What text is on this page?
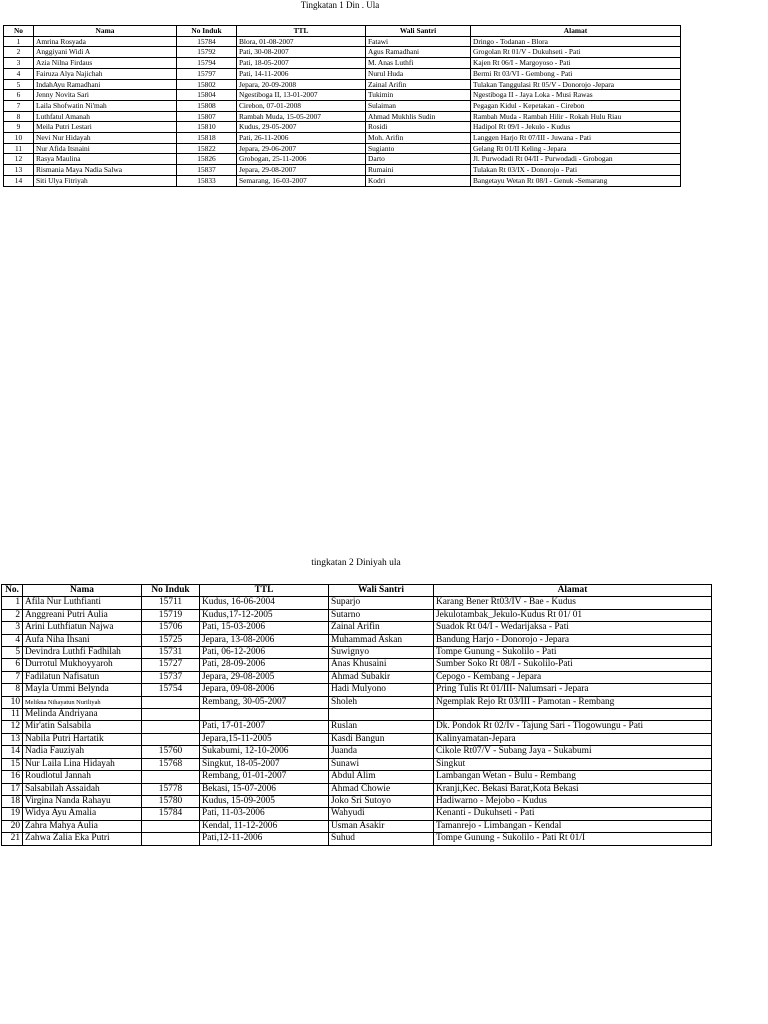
Tingkatan 1 Din . Ula
No	Nama	No Induk	TTL	Wali Santri	Alamat
1	Amrina Rosyada	15784	Blora, 01-08-2007	Fatawi	Dringo - Todanan - Blora
2	Anggiyani Widi A	15792	Pati, 30-08-2007	Agus Ramadhani	Grogolan Rt 01/V - Dukuhseti - Pati
3	Azia Nilna Firdaus	15794	Pati, 18-05-2007	M. Anas Luthfi	Kajen Rt 06/I - Margoyoso - Pati
4	Fairuza Alya Najichah	15797	Pati, 14-11-2006	Nurul Huda	Bermi Rt 03/VI - Gembong - Pati
5	IndahAyu Ramadhani	15802	Jepara, 20-09-2008	Zainal Arifin	Tulakan Tanggulasi Rt 05/V - Donorojo -Jepara
6	Jenny Novita Sari	15804	Ngestiboga II, 13-01-2007	Tukimin	Ngestiboga II - Jaya Loka - Musi Rawas
7	Laila Shofwatin Ni'mah	15808	Cirebon, 07-01-2008	Sulaiman	Pegagan Kidul - Kepetakan - Cirebon
8	Luthfatul Amanah	15807	Rambah Muda, 15-05-2007	Ahmad Mukhlis Sudin	Rambah Muda - Rambah Hilir - Rokah Hulu Riau
9	Meila Putri Lestari	15810	Kudus, 29-05-2007	Rosidi	Hadipol Rt 09/I - Jekulo - Kudus
10	Nevi Nur Hidayah	15818	Pati, 26-11-2006	Moh. Arifin	Langgen Harjo Rt 07/III - Juwana - Pati
11	Nur Afida Itsnaini	15822	Jepara, 29-06-2007	Sugianto	Gelang Rt 01/II Keling - Jepara
12	Rasya Maulina	15826	Grobogan, 25-11-2006	Darto	Jl. Purwodadi Rt 04/II - Purwodadi - Grobogan
13	Rismania Maya Nadia Salwa	15837	Jepara, 29-08-2007	Rumaini	Tulakan Rt 03/IX - Donorojo - Pati
14	Siti Ulya Fitriyah	15833	Semarang, 16-03-2007	Kodri	Bangetayu Wetan Rt 08/I - Genuk -Semarang
tingkatan 2 Diniyah ula
No.	Nama	No Induk	TTL	Wali Santri	Alamat
1	Afila Nur Luthfianti	15711	Kudus, 16-06-2004	Suparjo	Karang Bener Rt03/IV - Bae - Kudus
2	Anggreani Putri Aulia	15719	Kudus,17-12-2005	Sutarno	Jekulotambak_Jekulo-Kudus Rt 01/ 01
3	Arini Luthfiatun Najwa	15706	Pati, 15-03-2006	Zainal Arifin	Suadok Rt 04/I - Wedarijaksa - Pati
4	Aufa Niha Ihsani	15725	Jepara, 13-08-2006	Muhammad Askan	Bandung Harjo - Donorojo - Jepara
5	Devindra Luthfi Fadhilah	15731	Pati, 06-12-2006	Suwignyo	Tompe Gunung - Sukolilo - Pati
6	Durrotul Mukhoyyaroh	15727	Pati, 28-09-2006	Anas Khusaini	Sumber Soko Rt 08/I - Sukolilo-Pati
7	Fadilatun Nafisatun	15737	Jepara, 29-08-2005	Ahmad Subakir	Cepogo - Kembang - Jepara
8	Mayla Ummi Belynda	15754	Jepara, 09-08-2006	Hadi Mulyono	Pring Tulis Rt 01/III- Nalumsari - Jepara
10	Melikna Nihayatun Nuriliyah		Rembang, 30-05-2007	Sholeh	Ngemplak Rejo Rt 03/III - Pamotan - Rembang
11	Melinda Andriyana				
12	Mir'atin Salsabila		Pati, 17-01-2007	Ruslan	Dk. Pondok Rt 02/Iv - Tajung Sari - Tlogowungu - Pati
13	Nabila Putri Hartatik		Jepara,15-11-2005	Kasdi Bangun	Kalinyamatan-Jepara
14	Nadia Fauziyah	15760	Sukabumi, 12-10-2006	Juanda	Cikole Rt07/V - Subang Jaya - Sukabumi
15	Nur Laila Lina Hidayah	15768	Singkut, 18-05-2007	Sunawi	Singkut
16	Roudlotul Jannah		Rembang, 01-01-2007	Abdul Alim	Lambangan Wetan - Bulu - Rembang
17	Salsabilah Assaidah	15778	Bekasi, 15-07-2006	Ahmad Chowie	Kranji,Kec. Bekasi Barat,Kota Bekasi
18	Virgina Nanda Rahayu	15780	Kudus, 15-09-2005	Joko Sri Sutoyo	Hadiwarno - Mejobo - Kudus
19	Widya Ayu Amalia	15784	Pati, 11-03-2006	Wahyudi	Kenanti - Dukuhseti - Pati
20	Zahra Mahya Aulia		Kendal, 11-12-2006	Usman Asakir	Tamanrejo - Limbangan - Kendal
21	Zahwa Zalia Eka Putri		Pati,12-11-2006	Suhud	Tompe Gunung - Sukolilo - Pati Rt 01/I
